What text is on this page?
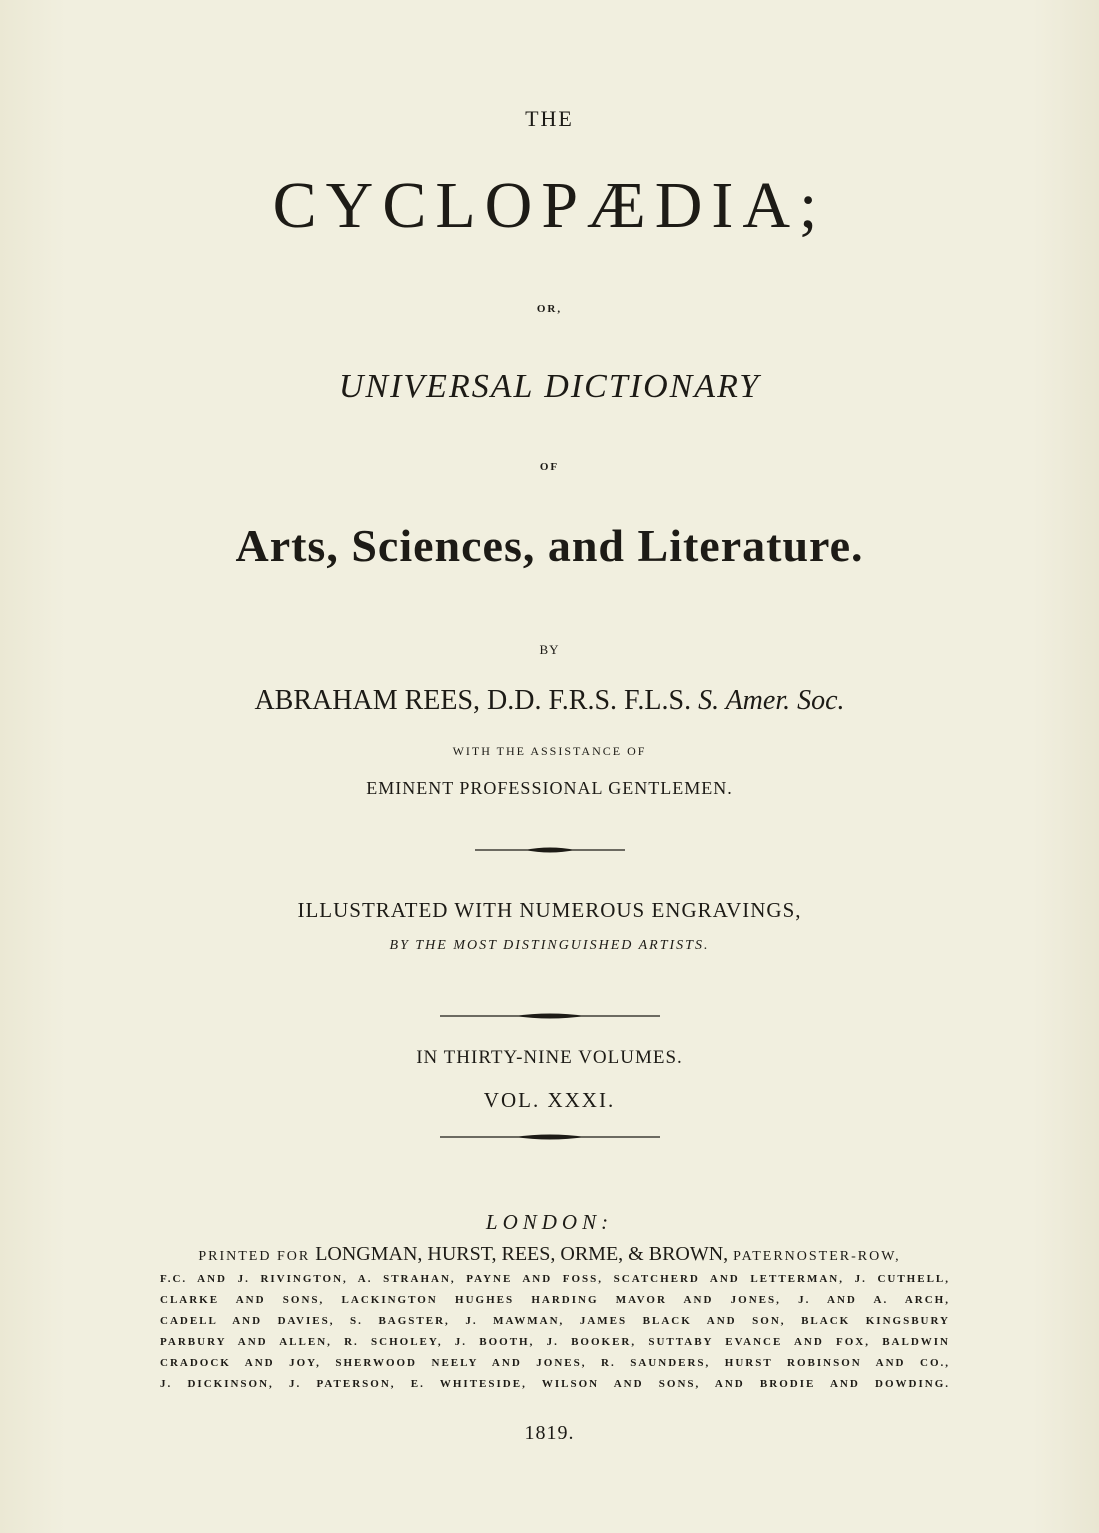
THE
CYCLOPÆDIA;
OR,
UNIVERSAL DICTIONARY
OF
Arts, Sciences, and Literature.
BY
ABRAHAM REES, D.D. F.R.S. F.L.S. S. Amer. Soc.
WITH THE ASSISTANCE OF
EMINENT PROFESSIONAL GENTLEMEN.
ILLUSTRATED WITH NUMEROUS ENGRAVINGS,
BY THE MOST DISTINGUISHED ARTISTS.
IN THIRTY-NINE VOLUMES.
VOL. XXXI.
LONDON:
PRINTED FOR LONGMAN, HURST, REES, ORME, & BROWN, PATERNOSTER-ROW,
F.C. AND J. RIVINGTON, A. STRAHAN, PAYNE AND FOSS, SCATCHERD AND LETTERMAN, J. CUTHELL,
CLARKE AND SONS, LACKINGTON HUGHES HARDING MAVOR AND JONES, J. AND A. ARCH,
CADELL AND DAVIES, S. BAGSTER, J. MAWMAN, JAMES BLACK AND SON, BLACK KINGSBURY
PARBURY AND ALLEN, R. SCHOLEY, J. BOOTH, J. BOOKER, SUTTABY EVANCE AND FOX, BALDWIN
CRADOCK AND JOY, SHERWOOD NEELY AND JONES, R. SAUNDERS, HURST ROBINSON AND CO.,
J. DICKINSON, J. PATERSON, E. WHITESIDE, WILSON AND SONS, AND BRODIE AND DOWDING.
1819.
